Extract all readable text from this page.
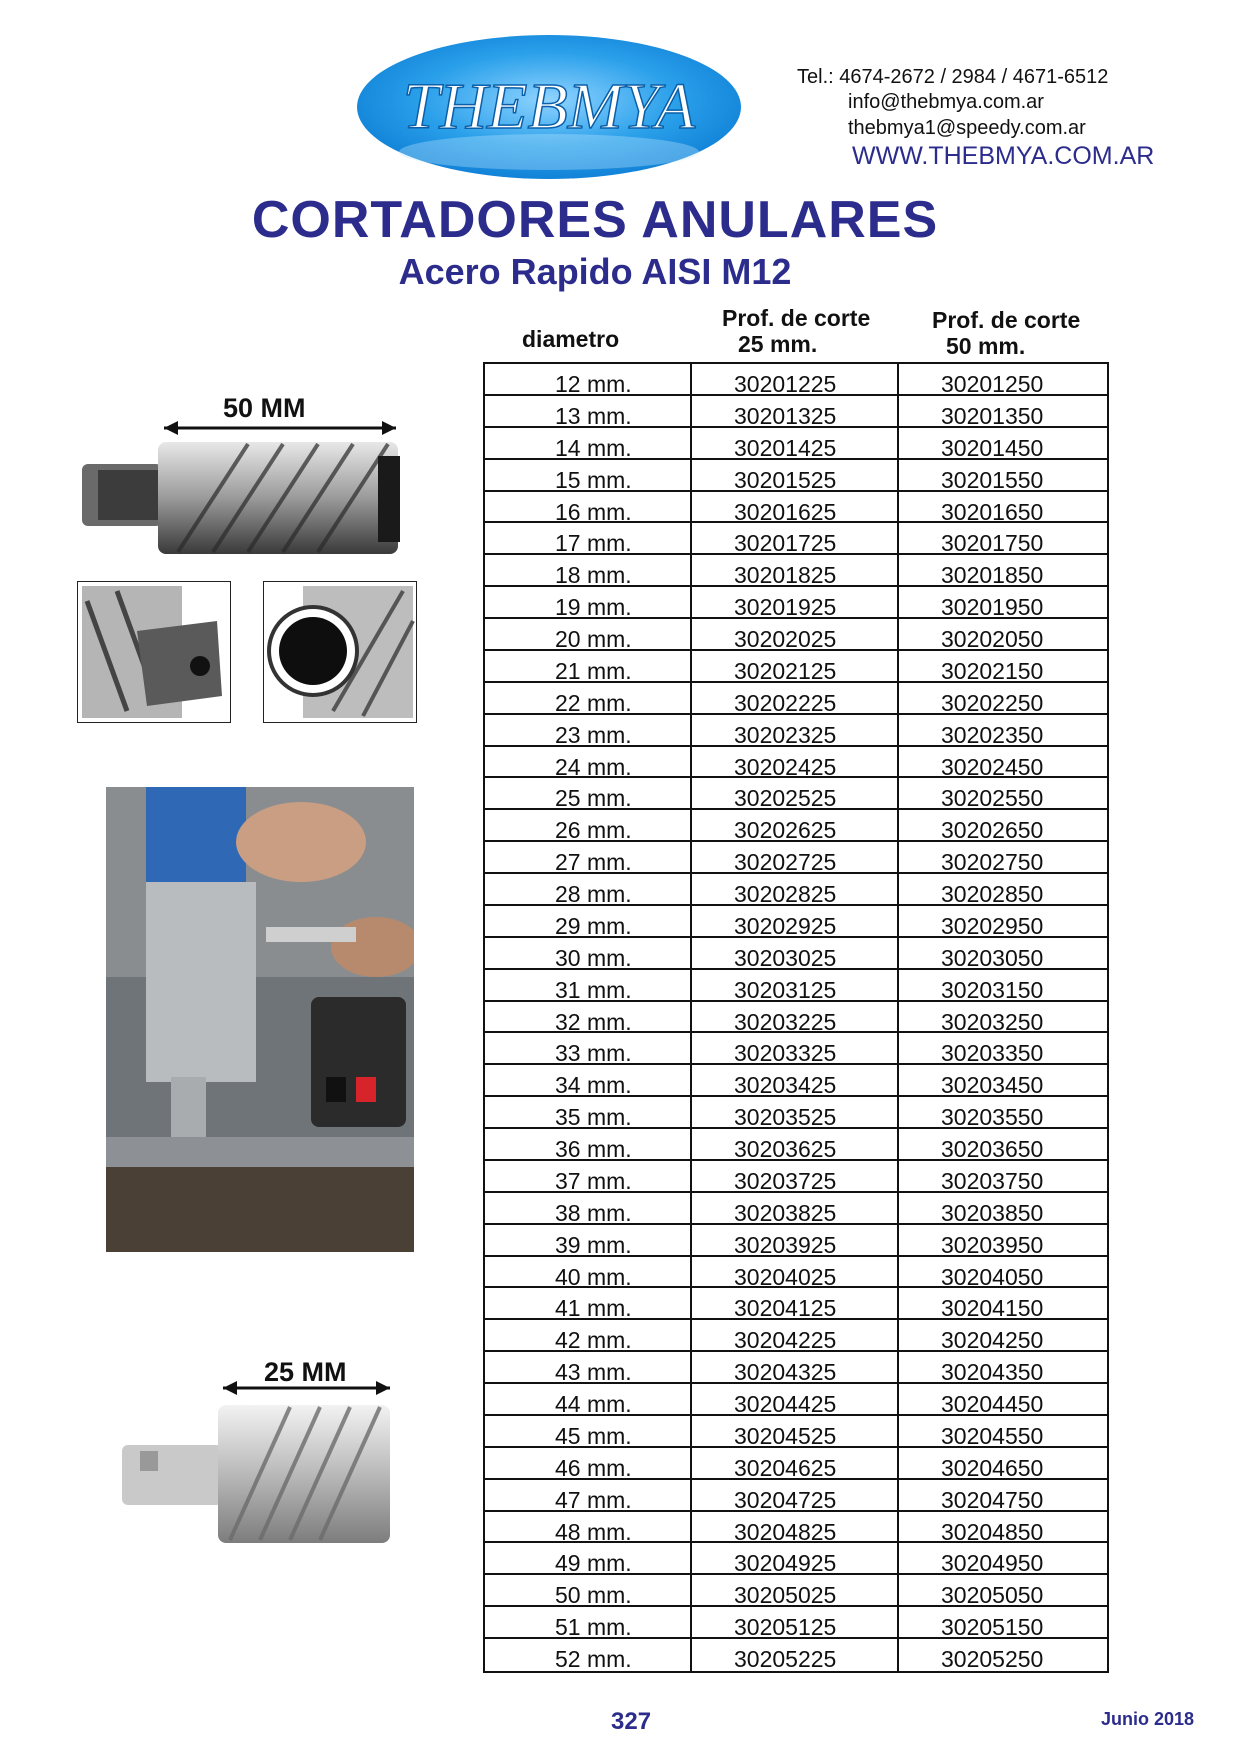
THEBMYA	Tel.: 4674-2672 / 2984 / 4671-6512
info@thebmya.com.ar
thebmya1@speedy.com.ar
WWW.THEBMYA.COM.AR
CORTADORES ANULARES
Acero Rapido AISI M12
diametro
Prof. de corte
25 mm.
Prof. de corte
50 mm.
12 mm.	30201225	30201250
13 mm.	30201325	30201350
14 mm.	30201425	30201450
15 mm.	30201525	30201550
16 mm.	30201625	30201650
17 mm.	30201725	30201750
18 mm.	30201825	30201850
19 mm.	30201925	30201950
20 mm.	30202025	30202050
21 mm.	30202125	30202150
22 mm.	30202225	30202250
23 mm.	30202325	30202350
24 mm.	30202425	30202450
25 mm.	30202525	30202550
26 mm.	30202625	30202650
27 mm.	30202725	30202750
28 mm.	30202825	30202850
29 mm.	30202925	30202950
30 mm.	30203025	30203050
31 mm.	30203125	30203150
32 mm.	30203225	30203250
33 mm.	30203325	30203350
34 mm.	30203425	30203450
35 mm.	30203525	30203550
36 mm.	30203625	30203650
37 mm.	30203725	30203750
38 mm.	30203825	30203850
39 mm.	30203925	30203950
40 mm.	30204025	30204050
41 mm.	30204125	30204150
42 mm.	30204225	30204250
43 mm.	30204325	30204350
44 mm.	30204425	30204450
45 mm.	30204525	30204550
46 mm.	30204625	30204650
47 mm.	30204725	30204750
48 mm.	30204825	30204850
49 mm.	30204925	30204950
50 mm.	30205025	30205050
51 mm.	30205125	30205150
52 mm.	30205225	30205250
50 MM
25 MM
327	Junio 2018
